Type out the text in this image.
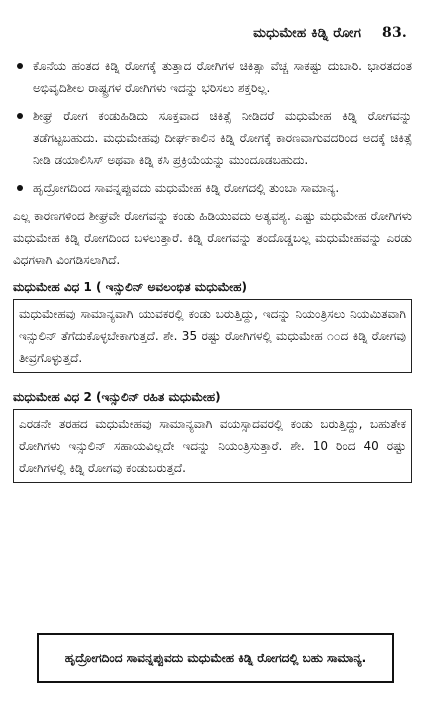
ಮಧುಮೇಹ ಕಿಡ್ನಿ ರೋಗ 83.
ಕೊನೆಯ ಹಂತದ ಕಿಡ್ನಿ ರೋಗಕ್ಕೆ ತುತ್ತಾದ ರೋಗಿಗಳ ಚಿಕಿತ್ಸಾ ವೆಚ್ಚ ಸಾಕಷ್ಟು ದುಬಾರಿ. ಭಾರತದಂತ ಅಭಿವೃದಿಶೀಲ ರಾಷ್ಟ್ರಗಳ ರೋಗಿಗಳು ಇದನ್ನು ಭರಿಸಲು ಶಕ್ತರಿಲ್ಲ.
ಶೀಘ್ರ ರೋಗ ಕಂಡುಹಿಡಿದು ಸೂಕ್ತವಾದ ಚಿಕಿತ್ಸೆ ನೀಡಿದರೆ ಮಧುಮೇಹ ಕಿಡ್ನಿ ರೋಗವನ್ನು ತಡೆಗಟ್ಟಬಹುದು. ಮಧುಮೇಹವು ದೀರ್ಘಕಾಲಿನ ಕಿಡ್ನಿ ರೋಗಕ್ಕೆ ಕಾರಣವಾಗುವದರಿಂದ ಅದಕ್ಕೆ ಚಿಕಿತ್ಸೆ ನೀಡಿ ಡಯಾಲಿಸಿಸ್ ಅಥವಾ ಕಿಡ್ನಿ ಕಸಿ ಪ್ರಕ್ರಿಯೆಯನ್ನು ಮುಂದೂಡಬಹುದು.
ಹೃದ್ರೋಗದಿಂದ ಸಾವನ್ನಪ್ಪುವದು ಮಧುಮೇಹ ಕಿಡ್ನಿ ರೋಗದಲ್ಲಿ ತುಂಬಾ ಸಾಮಾನ್ಯ.

ಎಲ್ಲ ಕಾರಣಗಳಿಂದ ಶೀಘ್ರವೇ ರೋಗವನ್ನು ಕಂಡು ಹಿಡಿಯುವದು ಅತ್ಯವಶ್ಯ. ಎಷ್ಟು ಮಧುಮೇಹ ರೋಗಿಗಳು ಮಧುಮೇಹ ಕಿಡ್ನಿ ರೋಗದಿಂದ ಬಳಲುತ್ತಾರೆ. ಕಿಡ್ನಿ ರೋಗವನ್ನು ತಂದೊಡ್ಡಬಲ್ಲ ಮಧುಮೇಹವನ್ನು ಎರಡು ವಿಧಗಳಾಗಿ ವಿಂಗಡಿಸಲಾಗಿದೆ.

ಮಧುಮೇಹ ವಿಧ 1 ( ಇನ್ಸುಲಿನ್ ಅವಲಂಭಿತ ಮಧುಮೇಹ)

ಮಧುಮೇಹವು ಸಾಮಾನ್ಯವಾಗಿ ಯುವಕರಲ್ಲಿ ಕಂಡು ಬರುತ್ತಿದ್ದು, ಇದನ್ನು ನಿಯಂತ್ರಿಸಲು ನಿಯಮಿತವಾಗಿ ಇನ್ಸುಲಿನ್ ತೆಗೆದುಕೊಳ್ಳಬೇಕಾಗುತ್ತದೆ. ಶೇ. 35 ರಷ್ಟು ರೋಗಿಗಳಲ್ಲಿ ಮಧುಮೇಹ ೧೦ದ ಕಿಡ್ನಿ ರೋಗವು ತೀವ್ರಗೊಳ್ಳುತ್ತದೆ.

ಮಧುಮೇಹ ವಿಧ 2 (ಇನ್ಸುಲಿನ್ ರಹಿತ ಮಧುಮೇಹ)

ಎರಡನೇ ತರಹದ ಮಧುಮೇಹವು ಸಾಮಾನ್ಯವಾಗಿ ವಯಸ್ಸಾದವರಲ್ಲಿ ಕಂಡು ಬರುತ್ತಿದ್ದು, ಬಹುತೇಕ ರೋಗಿಗಳು ಇನ್ಸುಲಿನ್ ಸಹಾಯವಿಲ್ಲದೇ ಇದನ್ನು ನಿಯಂತ್ರಿಸುತ್ತಾರೆ. ಶೇ. 10 ರಿಂದ 40 ರಷ್ಟು ರೋಗಿಗಳಲ್ಲಿ ಕಿಡ್ನಿ ರೋಗವು ಕಂಡುಬರುತ್ತದೆ.

ಹೃದ್ರೋಗದಿಂದ ಸಾವನ್ನಪ್ಪುವದು ಮಧುಮೇಹ ಕಿಡ್ನಿ ರೋಗದಲ್ಲಿ ಬಹು ಸಾಮಾನ್ಯ.
